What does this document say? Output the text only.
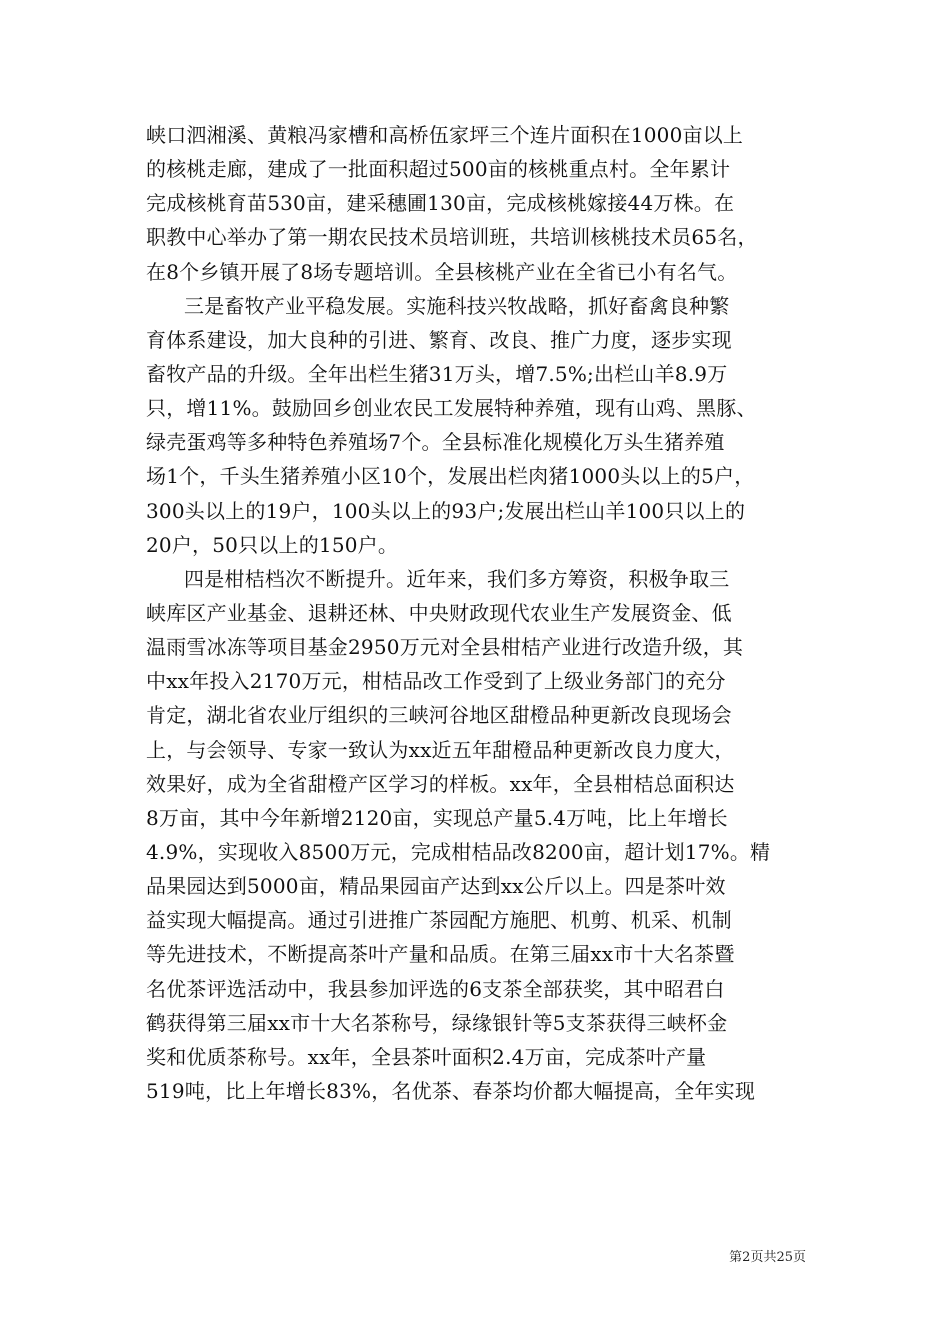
峡口泗湘溪、黄粮冯家槽和高桥伍家坪三个连片面积在1000亩以上
的核桃走廊，建成了一批面积超过500亩的核桃重点村。全年累计
完成核桃育苗530亩，建采穗圃130亩，完成核桃嫁接44万株。在
职教中心举办了第一期农民技术员培训班，共培训核桃技术员65名，
在8个乡镇开展了8场专题培训。全县核桃产业在全省已小有名气。
三是畜牧产业平稳发展。实施科技兴牧战略，抓好畜禽良种繁
育体系建设，加大良种的引进、繁育、改良、推广力度，逐步实现
畜牧产品的升级。全年出栏生猪31万头，增7.5%;出栏山羊8.9万
只，增11%。鼓励回乡创业农民工发展特种养殖，现有山鸡、黑豚、
绿壳蛋鸡等多种特色养殖场7个。全县标准化规模化万头生猪养殖
场1个，千头生猪养殖小区10个，发展出栏肉猪1000头以上的5户，
300头以上的19户，100头以上的93户;发展出栏山羊100只以上的
20户，50只以上的150户。
四是柑桔档次不断提升。近年来，我们多方筹资，积极争取三
峡库区产业基金、退耕还林、中央财政现代农业生产发展资金、低
温雨雪冰冻等项目基金2950万元对全县柑桔产业进行改造升级，其
中xx年投入2170万元，柑桔品改工作受到了上级业务部门的充分
肯定，湖北省农业厅组织的三峡河谷地区甜橙品种更新改良现场会
上，与会领导、专家一致认为xx近五年甜橙品种更新改良力度大，
效果好，成为全省甜橙产区学习的样板。xx年，全县柑桔总面积达
8万亩，其中今年新增2120亩，实现总产量5.4万吨，比上年增长
4.9%，实现收入8500万元，完成柑桔品改8200亩，超计划17%。精
品果园达到5000亩，精品果园亩产达到xx公斤以上。四是茶叶效
益实现大幅提高。通过引进推广茶园配方施肥、机剪、机采、机制
等先进技术，不断提高茶叶产量和品质。在第三届xx市十大名茶暨
名优茶评选活动中，我县参加评选的6支茶全部获奖，其中昭君白
鹤获得第三届xx市十大名茶称号，绿缘银针等5支茶获得三峡杯金
奖和优质茶称号。xx年，全县茶叶面积2.4万亩，完成茶叶产量
519吨，比上年增长83%，名优茶、春茶均价都大幅提高，全年实现
第2页共25页
